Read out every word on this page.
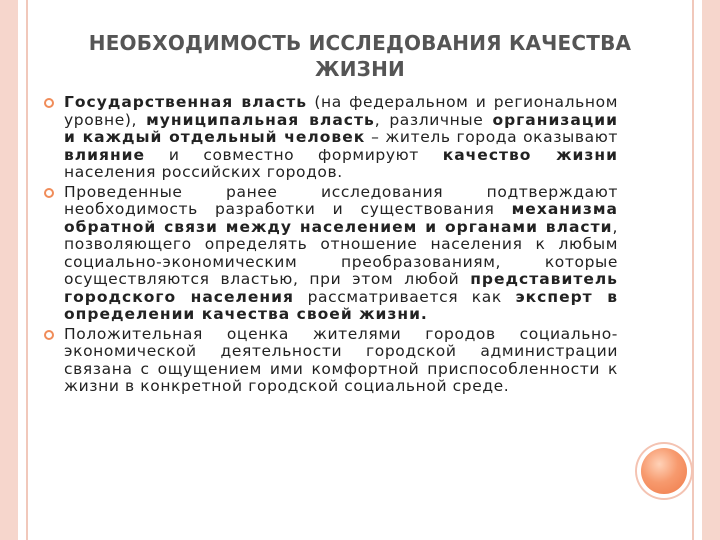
НЕОБХОДИМОСТЬ ИССЛЕДОВАНИЯ КАЧЕСТВА ЖИЗНИ
Государственная власть (на федеральном и региональном уровне), муниципальная власть, различные организации и каждый отдельный человек – житель города оказывают влияние и совместно формируют качество жизни населения российских городов.
Проведенные ранее исследования подтверждают необходимость разработки и существования механизма обратной связи между населением и органами власти, позволяющего определять отношение населения к любым социально-экономическим преобразованиям, которые осуществляются властью, при этом любой представитель городского населения рассматривается как эксперт в определении качества своей жизни.
Положительная оценка жителями городов социально-экономической деятельности городской администрации связана с ощущением ими комфортной приспособленности к жизни в конкретной городской социальной среде.
